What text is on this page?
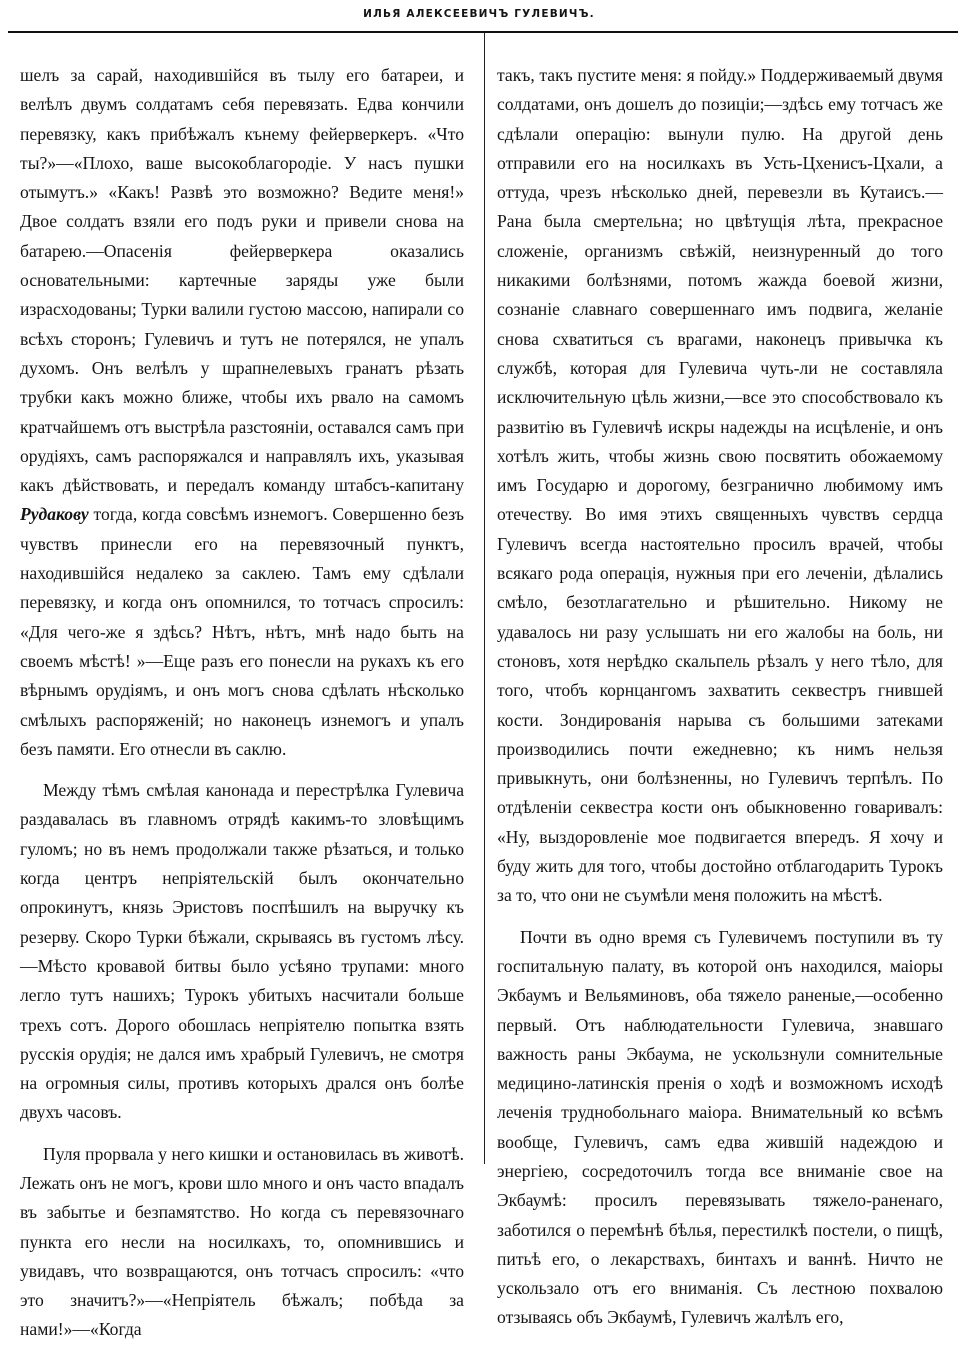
ИЛЬЯ АЛЕКСЕЕВИЧЪ ГУЛЕВИЧЪ.

шелъ за сарай, находившійся въ тылу его батареи, и велѣлъ двумъ солдатамъ себя перевязать. Едва кончили перевязку, какъ прибѣжалъ кънему фейерверкеръ. «Что ты?»—«Плохо, ваше высокоблагородіе. У насъ пушки отымутъ.» «Какъ! Развѣ это возможно? Ведите меня!» Двое солдатъ взяли его подъ руки и привели снова на батарею.—Опасенія фейерверкера оказались основательными: картечные заряды уже были израсходованы; Турки валили густою массою, напирали со всѣхъ сторонъ; Гулевичъ и тутъ не потерялся, не упалъ духомъ. Онъ велѣлъ у шрапнелевыхъ гранатъ рѣзать трубки какъ можно ближе, чтобы ихъ рвало на самомъ кратчайшемъ отъ выстрѣла разстояніи, оставался самъ при орудіяхъ, самъ распоряжался и направлялъ ихъ, указывая какъ дѣйствовать, и передалъ команду штабсъ-капитану Рудакову тогда, когда совсѣмъ изнемогъ. Совершенно безъ чувствъ принесли его на перевязочный пунктъ, находившійся недалеко за саклею. Тамъ ему сдѣлали перевязку, и когда онъ опомнился, то тотчасъ спросилъ: «Для чего-же я здѣсь? Нѣтъ, нѣтъ, мнѣ надо быть на своемъ мѣстѣ! »—Еще разъ его понесли на рукахъ къ его вѣрнымъ орудіямъ, и онъ могъ снова сдѣлать нѣсколько смѣлыхъ распоряженій; но наконецъ изнемогъ и упалъ безъ памяти. Его отнесли въ саклю.

Между тѣмъ смѣлая канонада и перестрѣлка Гулевича раздавалась въ главномъ отрядѣ какимъ-то зловѣщимъ гуломъ; но въ немъ продолжали также рѣзаться, и только когда центръ непріятельскій былъ окончательно опрокинутъ, князь Эристовъ поспѣшилъ на выручку къ резерву. Скоро Турки бѣжали, скрываясь въ густомъ лѣсу.—Мѣсто кровавой битвы было усѣяно трупами: много легло тутъ нашихъ; Турокъ убитыхъ насчитали больше трехъ сотъ. Дорого обошлась непріятелю попытка взять русскія орудія; не дался имъ храбрый Гулевичъ, не смотря на огромныя силы, противъ которыхъ дрался онъ болѣе двухъ часовъ.

Пуля прорвала у него кишки и остановилась въ животѣ. Лежать онъ не могъ, крови шло много и онъ часто впадалъ въ забытье и безпамятство. Но когда съ перевязочнаго пункта его несли на носилкахъ, то, опомнившись и увидавъ, что возвращаются, онъ тотчасъ спросилъ: «что это значитъ?»—«Непріятель бѣжалъ; побѣда за нами!»—«Когда

такъ, такъ пустите меня: я пойду.» Поддерживаемый двумя солдатами, онъ дошелъ до позиціи;—здѣсь ему тотчасъ же сдѣлали операцію: вынули пулю. На другой день отправили его на носилкахъ въ Усть-Цхенисъ-Цхали, а оттуда, чрезъ нѣсколько дней, перевезли въ Кутаисъ.—Рана была смертельна; но цвѣтущія лѣта, прекрасное сложеніе, организмъ свѣжій, неизнуренный до того никакими болѣзнями, потомъ жажда боевой жизни, сознаніе славнаго совершеннаго имъ подвига, желаніе снова схватиться съ врагами, наконецъ привычка къ службѣ, которая для Гулевича чуть-ли не составляла исключительную цѣль жизни,—все это способствовало къ развитію въ Гулевичѣ искры надежды на исцѣленіе, и онъ хотѣлъ жить, чтобы жизнь свою посвятить обожаемому имъ Государю и дорогому, безгранично любимому имъ отечеству. Во имя этихъ священныхъ чувствъ сердца Гулевичъ всегда настоятельно просилъ врачей, чтобы всякаго рода операція, нужныя при его леченіи, дѣлались смѣло, безотлагательно и рѣшительно. Никому не удавалось ни разу услышать ни его жалобы на боль, ни стоновъ, хотя нерѣдко скальпель рѣзалъ у него тѣло, для того, чтобъ корнцангомъ захватить секвестръ гнившей кости. Зондированія нарыва съ большими затеками производились почти ежедневно; къ нимъ нельзя привыкнуть, они болѣзненны, но Гулевичъ терпѣлъ. По отдѣленіи секвестра кости онъ обыкновенно говаривалъ: «Ну, выздоровленіе мое подвигается впередъ. Я хочу и буду жить для того, чтобы достойно отблагодарить Турокъ за то, что они не съумѣли меня положить на мѣстѣ.

Почти въ одно время съ Гулевичемъ поступили въ ту госпитальную палату, въ которой онъ находился, маіоры Экбаумъ и Вельяминовъ, оба тяжело раненые,—особенно первый. Отъ наблюдательности Гулевича, знавшаго важность раны Экбаума, не ускользнули сомнительные медицино-латинскія пренія о ходѣ и возможномъ исходѣ леченія труднобольнаго маіора. Внимательный ко всѣмъ вообще, Гулевичъ, самъ едва жившій надеждою и энергіею, сосредоточилъ тогда все вниманіе свое на Экбаумѣ: просилъ перевязывать тяжело-раненаго, заботился о перемѣнѣ бѣлья, перестилкѣ постели, о пищѣ, питьѣ его, о лекарствахъ, бинтахъ и ваннѣ. Ничто не ускользало отъ его вниманія. Съ лестною похвалою отзываясь объ Экбаумѣ, Гулевичъ жалѣлъ его,
